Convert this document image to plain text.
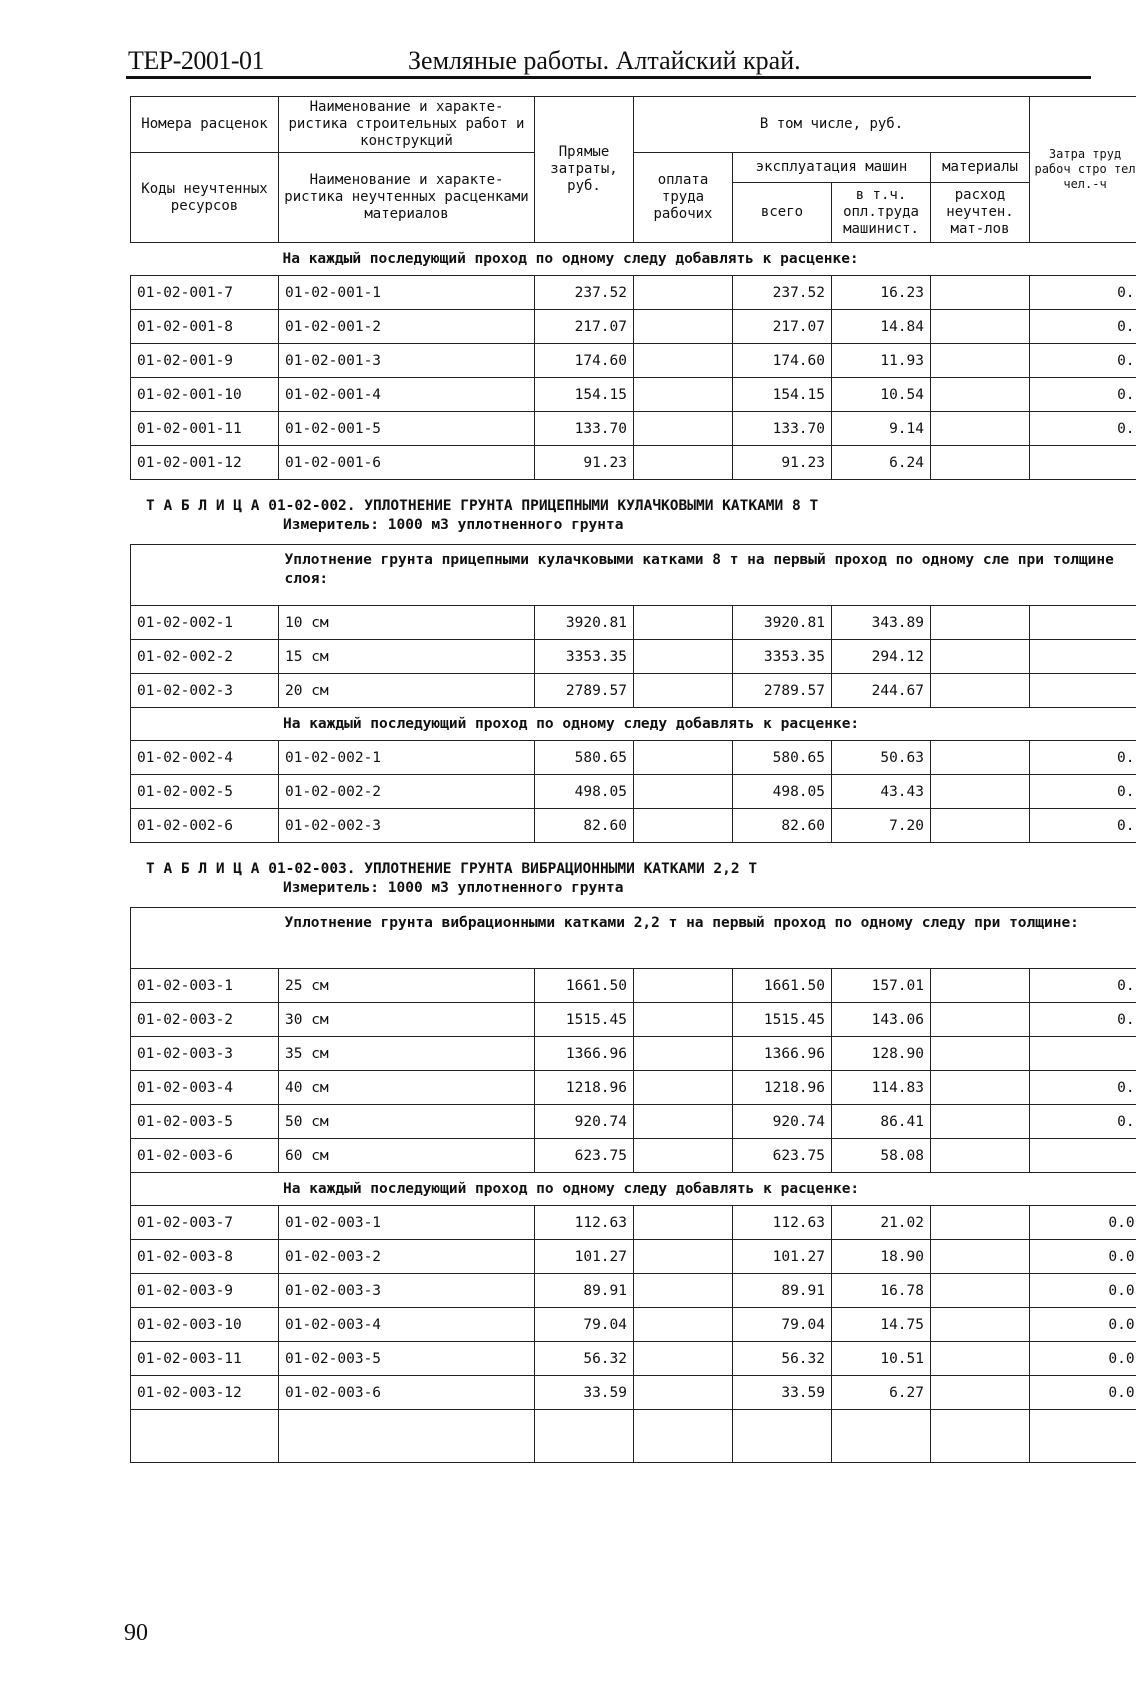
ТЕР-2001-01	Земляные работы. Алтайский край.
Номера расценок	Наименование и характе-ристика строительных работ и конструкций	Прямые затраты, руб.	В том числе, руб.				Затра труд рабоч стро тел чел.-ч
Коды неучтенных ресурсов	Наименование и характе-ристика неучтенных расценками материалов		оплата труда рабочих	эксплуатация машин		материалы	
				всего	в т.ч. опл.труда машинист.	расход неучтен. мат-лов	
На каждый последующий проход по одному следу добавлять к расценке:							
01-02-001-7	01-02-001-1	237.52		237.52	16.23		0.
01-02-001-8	01-02-001-2	217.07		217.07	14.84		0.
01-02-001-9	01-02-001-3	174.60		174.60	11.93		0.
01-02-001-10	01-02-001-4	154.15		154.15	10.54		0.
01-02-001-11	01-02-001-5	133.70		133.70	9.14		0.
01-02-001-12	01-02-001-6	91.23		91.23	6.24		
Т А Б Л И Ц А 01-02-002. УПЛОТНЕНИЕ ГРУНТА ПРИЦЕПНЫМИ КУЛАЧКОВЫМИ КАТКАМИ 8 Т
Измеритель: 1000 м3 уплотненного грунта
	Уплотнение грунта прицепными кулачковыми катками 8 т на первый проход по одному сле при толщине слоя:						
01-02-002-1	10 см	3920.81		3920.81	343.89		
01-02-002-2	15 см	3353.35		3353.35	294.12		
01-02-002-3	20 см	2789.57		2789.57	244.67		
На каждый последующий проход по одному следу добавлять к расценке:							
01-02-002-4	01-02-002-1	580.65		580.65	50.63		0.
01-02-002-5	01-02-002-2	498.05		498.05	43.43		0.
01-02-002-6	01-02-002-3	82.60		82.60	7.20		0.
Т А Б Л И Ц А 01-02-003. УПЛОТНЕНИЕ ГРУНТА ВИБРАЦИОННЫМИ КАТКАМИ 2,2 Т
Измеритель: 1000 м3 уплотненного грунта
	Уплотнение грунта вибрационными катками 2,2 т на первый проход по одному следу при толщине:						
01-02-003-1	25 см	1661.50		1661.50	157.01		0.
01-02-003-2	30 см	1515.45		1515.45	143.06		0.
01-02-003-3	35 см	1366.96		1366.96	128.90		
01-02-003-4	40 см	1218.96		1218.96	114.83		0.
01-02-003-5	50 см	920.74		920.74	86.41		0.
01-02-003-6	60 см	623.75		623.75	58.08		
На каждый последующий проход по одному следу добавлять к расценке:							
01-02-003-7	01-02-003-1	112.63		112.63	21.02		0.0
01-02-003-8	01-02-003-2	101.27		101.27	18.90		0.0
01-02-003-9	01-02-003-3	89.91		89.91	16.78		0.0
01-02-003-10	01-02-003-4	79.04		79.04	14.75		0.0
01-02-003-11	01-02-003-5	56.32		56.32	10.51		0.0
01-02-003-12	01-02-003-6	33.59		33.59	6.27		0.0

90
